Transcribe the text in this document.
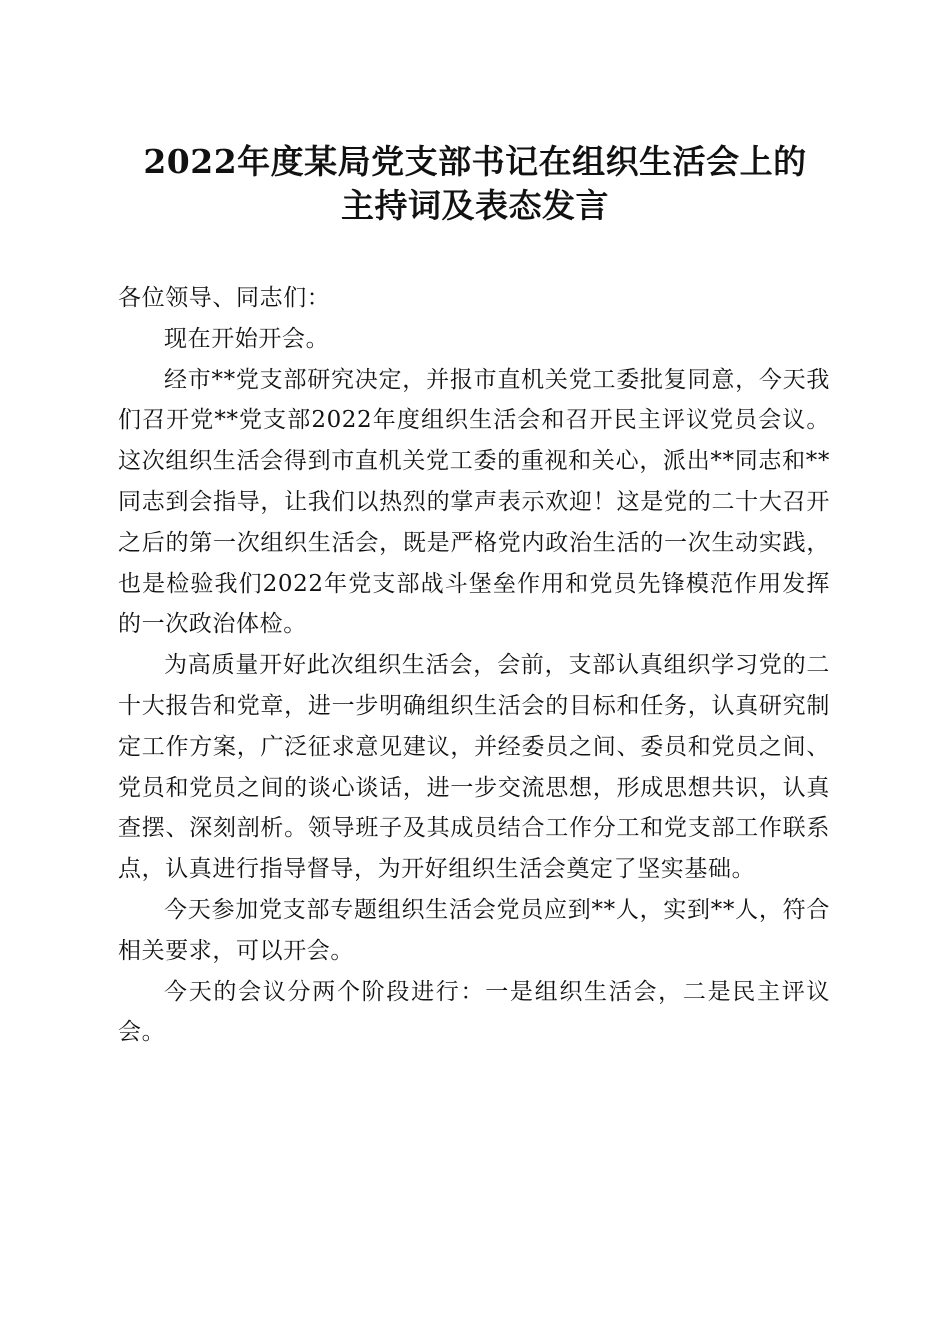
2022年度某局党支部书记在组织生活会上的
主持词及表态发言

各位领导、同志们：

现在开始开会。

经市**党支部研究决定，并报市直机关党工委批复同意，今天我们召开党**党支部2022年度组织生活会和召开民主评议党员会议。这次组织生活会得到市直机关党工委的重视和关心，派出**同志和**同志到会指导，让我们以热烈的掌声表示欢迎！这是党的二十大召开之后的第一次组织生活会，既是严格党内政治生活的一次生动实践，也是检验我们2022年党支部战斗堡垒作用和党员先锋模范作用发挥的一次政治体检。

为高质量开好此次组织生活会，会前，支部认真组织学习党的二十大报告和党章，进一步明确组织生活会的目标和任务，认真研究制定工作方案，广泛征求意见建议，并经委员之间、委员和党员之间、党员和党员之间的谈心谈话，进一步交流思想，形成思想共识，认真查摆、深刻剖析。领导班子及其成员结合工作分工和党支部工作联系点，认真进行指导督导，为开好组织生活会奠定了坚实基础。

今天参加党支部专题组织生活会党员应到**人，实到**人，符合相关要求，可以开会。

今天的会议分两个阶段进行：一是组织生活会，二是民主评议会。
